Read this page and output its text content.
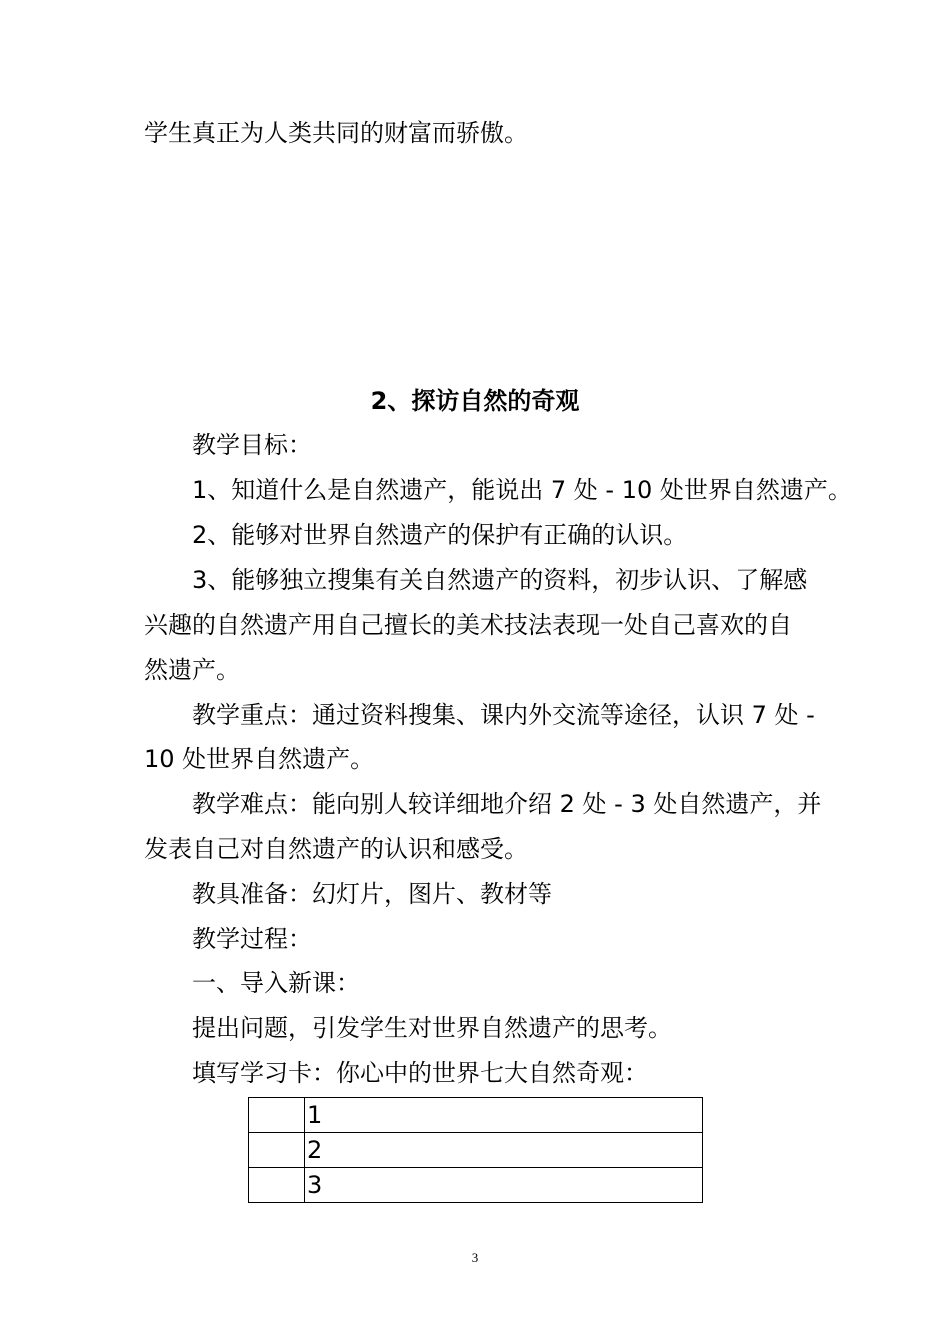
学生真正为人类共同的财富而骄傲。
2、探访自然的奇观
教学目标：
1、知道什么是自然遗产，能说出 7 处 - 10 处世界自然遗产。
2、能够对世界自然遗产的保护有正确的认识。
3、能够独立搜集有关自然遗产的资料，初步认识、了解感
兴趣的自然遗产用自己擅长的美术技法表现一处自己喜欢的自
然遗产。
教学重点：通过资料搜集、课内外交流等途径，认识 7 处 -
10 处世界自然遗产。
教学难点：能向别人较详细地介绍 2 处 - 3 处自然遗产，并
发表自己对自然遗产的认识和感受。
教具准备：幻灯片，图片、教材等
教学过程：
一、导入新课：
提出问题，引发学生对世界自然遗产的思考。
填写学习卡：你心中的世界七大自然奇观：
	1
	2
	3
3
